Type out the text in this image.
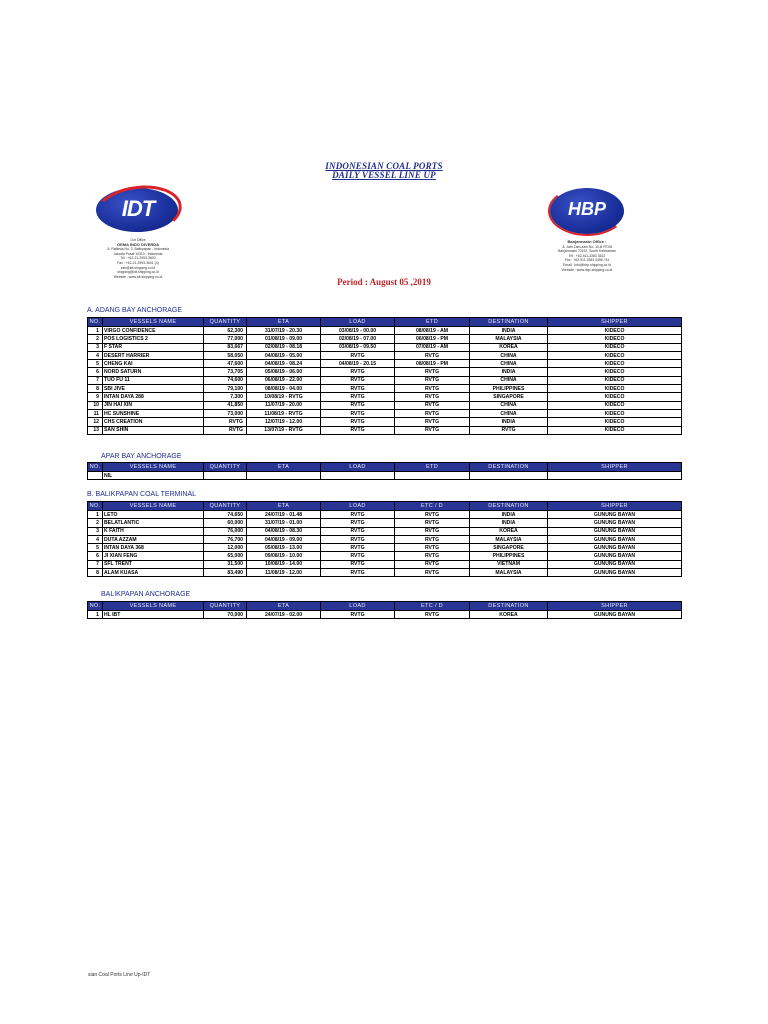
INDONESIAN COAL PORTS
DAILY VESSEL LINE UP
IDT
Our Office
GEMA INDO DIVERDA
Jl. Raflesia No. 3, Balikpapan - Indonesia
Jakarta Pusat 10310 - Indonesia
Tel : +62-21-2993-3600
Fax : +62-21-2993-3601 (4)
info@idt-shipping.co.id
shipping@idt-shipping.co.id
Website : www.idt-shipping.co.id
HBP
Banjarmasin Office :
Jl. Jafri Zam-zam No. 10-B RT.08
Banjarmasin 70232, South Kalimantan
Tel : +62-511-3363 3522
Fax : +62-511-3363 3496 / 51
Email : info@hbp-shipping.co.id
Website : www.hbp-shipping.co.id
Period : August 05 ,2019
A. ADANG BAY ANCHORAGE
NO.	VESSELS NAME	QUANTITY	ETA	LOAD	ETD	DESTINATION	SHIPPER
1	VIRGO CONFIDENCE	62,300	31/07/19 - 20.30	03/08/19 - 00.00	08/08/19 - AM	INDIA	KIDECO
2	POS LOGISTICS 2	77,000	01/08/19 - 09.00	02/08/19 - 07.00	06/08/19 - PM	MALAYSIA	KIDECO
3	F STAR	83,667	02/08/19 - 08.18	03/08/19 - 09.50	07/08/19 - AM	KOREA	KIDECO
4	DESERT HARRIER	58,050	04/08/19 - 05.00	RVTG	RVTG	CHINA	KIDECO
5	CHENG KAI	47,600	04/08/19 - 08.24	04/08/19 - 20.15	08/08/19 - PM	CHINA	KIDECO
6	NORD SATURN	73,705	05/08/19 - 06.00	RVTG	RVTG	INDIA	KIDECO
7	TUO FU 11	74,600	06/08/19 - 22.00	RVTG	RVTG	CHINA	KIDECO
8	SBI JIVE	79,100	08/08/19 - 04.00	RVTG	RVTG	PHILIPPINES	KIDECO
9	INTAN DAYA 288	7,300	10/08/19 - RVTG	RVTG	RVTG	SINGAPORE	KIDECO
10	JIN HAI XIN	41,850	11/07/19 - 20.00	RVTG	RVTG	CHINA	KIDECO
11	HC SUNSHINE	73,000	11/08/19 - RVTG	RVTG	RVTG	CHINA	KIDECO
12	CHS CREATION	RVTG	12/07/19 - 12.00	RVTG	RVTG	INDIA	KIDECO
13	SAN SHIN	RVTG	13/07/19 - RVTG	RVTG	RVTG	RVTG	KIDECO
APAR BAY ANCHORAGE
NO.	VESSELS NAME	QUANTITY	ETA	LOAD	ETD	DESTINATION	SHIPPER
	NIL						
B. BALIKPAPAN COAL TERMINAL
NO.	VESSELS NAME	QUANTITY	ETA	LOAD	ETC / D	DESTINATION	SHIPPER
1	LETO	74,650	24/07/19 - 01.48	RVTG	RVTG	INDIA	GUNUNG BAYAN
2	BELATLANTIC	60,000	31/07/19 - 01.00	RVTG	RVTG	INDIA	GUNUNG BAYAN
3	K FAITH	76,000	04/08/19 - 08.30	RVTG	RVTG	KOREA	GUNUNG BAYAN
4	DUTA AZZAM	76,700	04/08/19 - 09.00	RVTG	RVTG	MALAYSIA	GUNUNG BAYAN
5	INTAN DAYA 368	12,000	05/08/19 - 13.00	RVTG	RVTG	SINGAPORE	GUNUNG BAYAN
6	JI XIAN FENG	65,000	09/08/19 - 10.00	RVTG	RVTG	PHILIPPINES	GUNUNG BAYAN
7	SFL TRENT	31,500	10/08/19 - 14.00	RVTG	RVTG	VIETNAM	GUNUNG BAYAN
8	ALAM KUASA	83,490	11/08/19 - 12.00	RVTG	RVTG	MALAYSIA	GUNUNG BAYAN
BALIKPAPAN ANCHORAGE
NO.	VESSELS NAME	QUANTITY	ETA	LOAD	ETC / D	DESTINATION	SHIPPER
1	HL IBT	70,000	24/07/19 - 02.00	RVTG	RVTG	KOREA	GUNUNG BAYAN
sian Coal Ports Line Up-IDT
